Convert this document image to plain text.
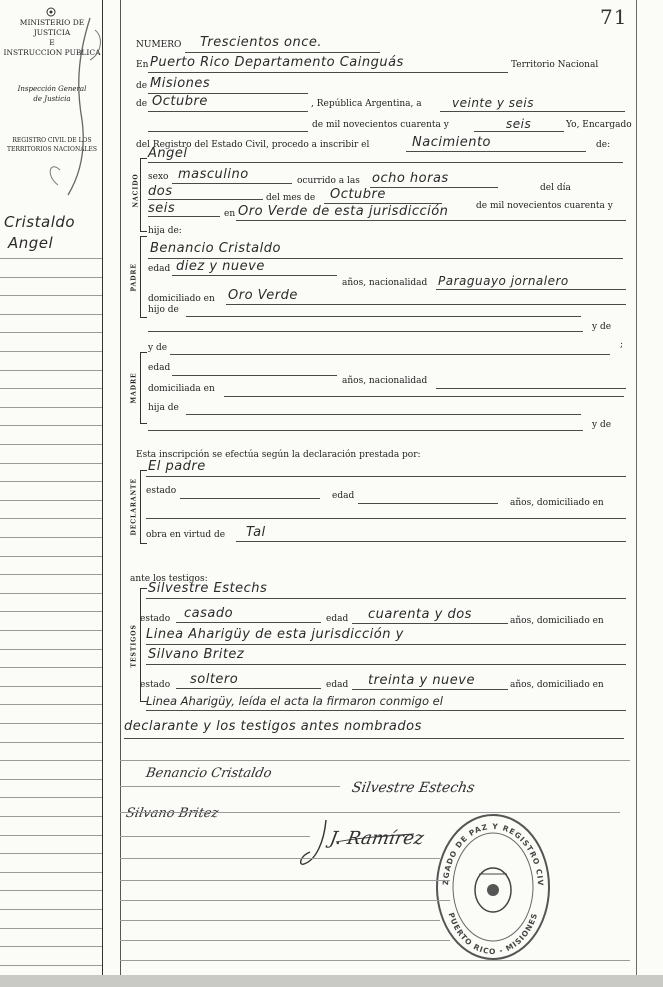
MINISTERIO DE JUSTICIA
E
INSTRUCCION PUBLICA
Inspección General
de Justicia
REGISTRO CIVIL DE LOS
TERRITORIOS NACIONALES
71
Cristaldo
Angel
NUMERO Trescientos once.
En Puerto Rico Departamento Cainguás	Territorio Nacional
de Misiones
, República Argentina, a
de Octubre	veinte y seis
de mil novecientos cuarenta y	seis	Yo, Encargado
del Registro del Estado Civil, procedo a inscribir el	Nacimiento	de:
NACIDO
Angel
sexo masculino	ocurrido a las ocho horas
del día
dos	del mes de Octubre
de mil novecientos cuarenta y
seis	en Oro Verde de esta jurisdicción
hija de:
PADRE
Benancio Cristaldo
edad diez y nueve
años, nacionalidad Paraguayo jornalero
domiciliado en Oro Verde
hijo de
y de
y de	;
MADRE
edad
años, nacionalidad
domiciliada en
hija de
y de
Esta inscripción se efectúa según la declaración prestada por:
DECLARANTE
El padre
estado	edad
años, domiciliado en
obra en virtud de Tal
ante los testigos:
TESTIGOS
Silvestre Estechs
estado casado	edad cuarenta y dos	años, domiciliado en
Linea Aharigüy de esta jurisdicción y
Silvano Britez
estado soltero	edad treinta y nueve	años, domiciliado en
Linea Aharigüy, leída el acta la firmaron conmigo el
declarante y los testigos antes nombrados
Benancio Cristaldo
Silvestre Estechs
Silvano Britez
J. Ramírez
ZGADO DE PAZ Y REGISTRO CIV
PUERTO RICO - MISIONES
